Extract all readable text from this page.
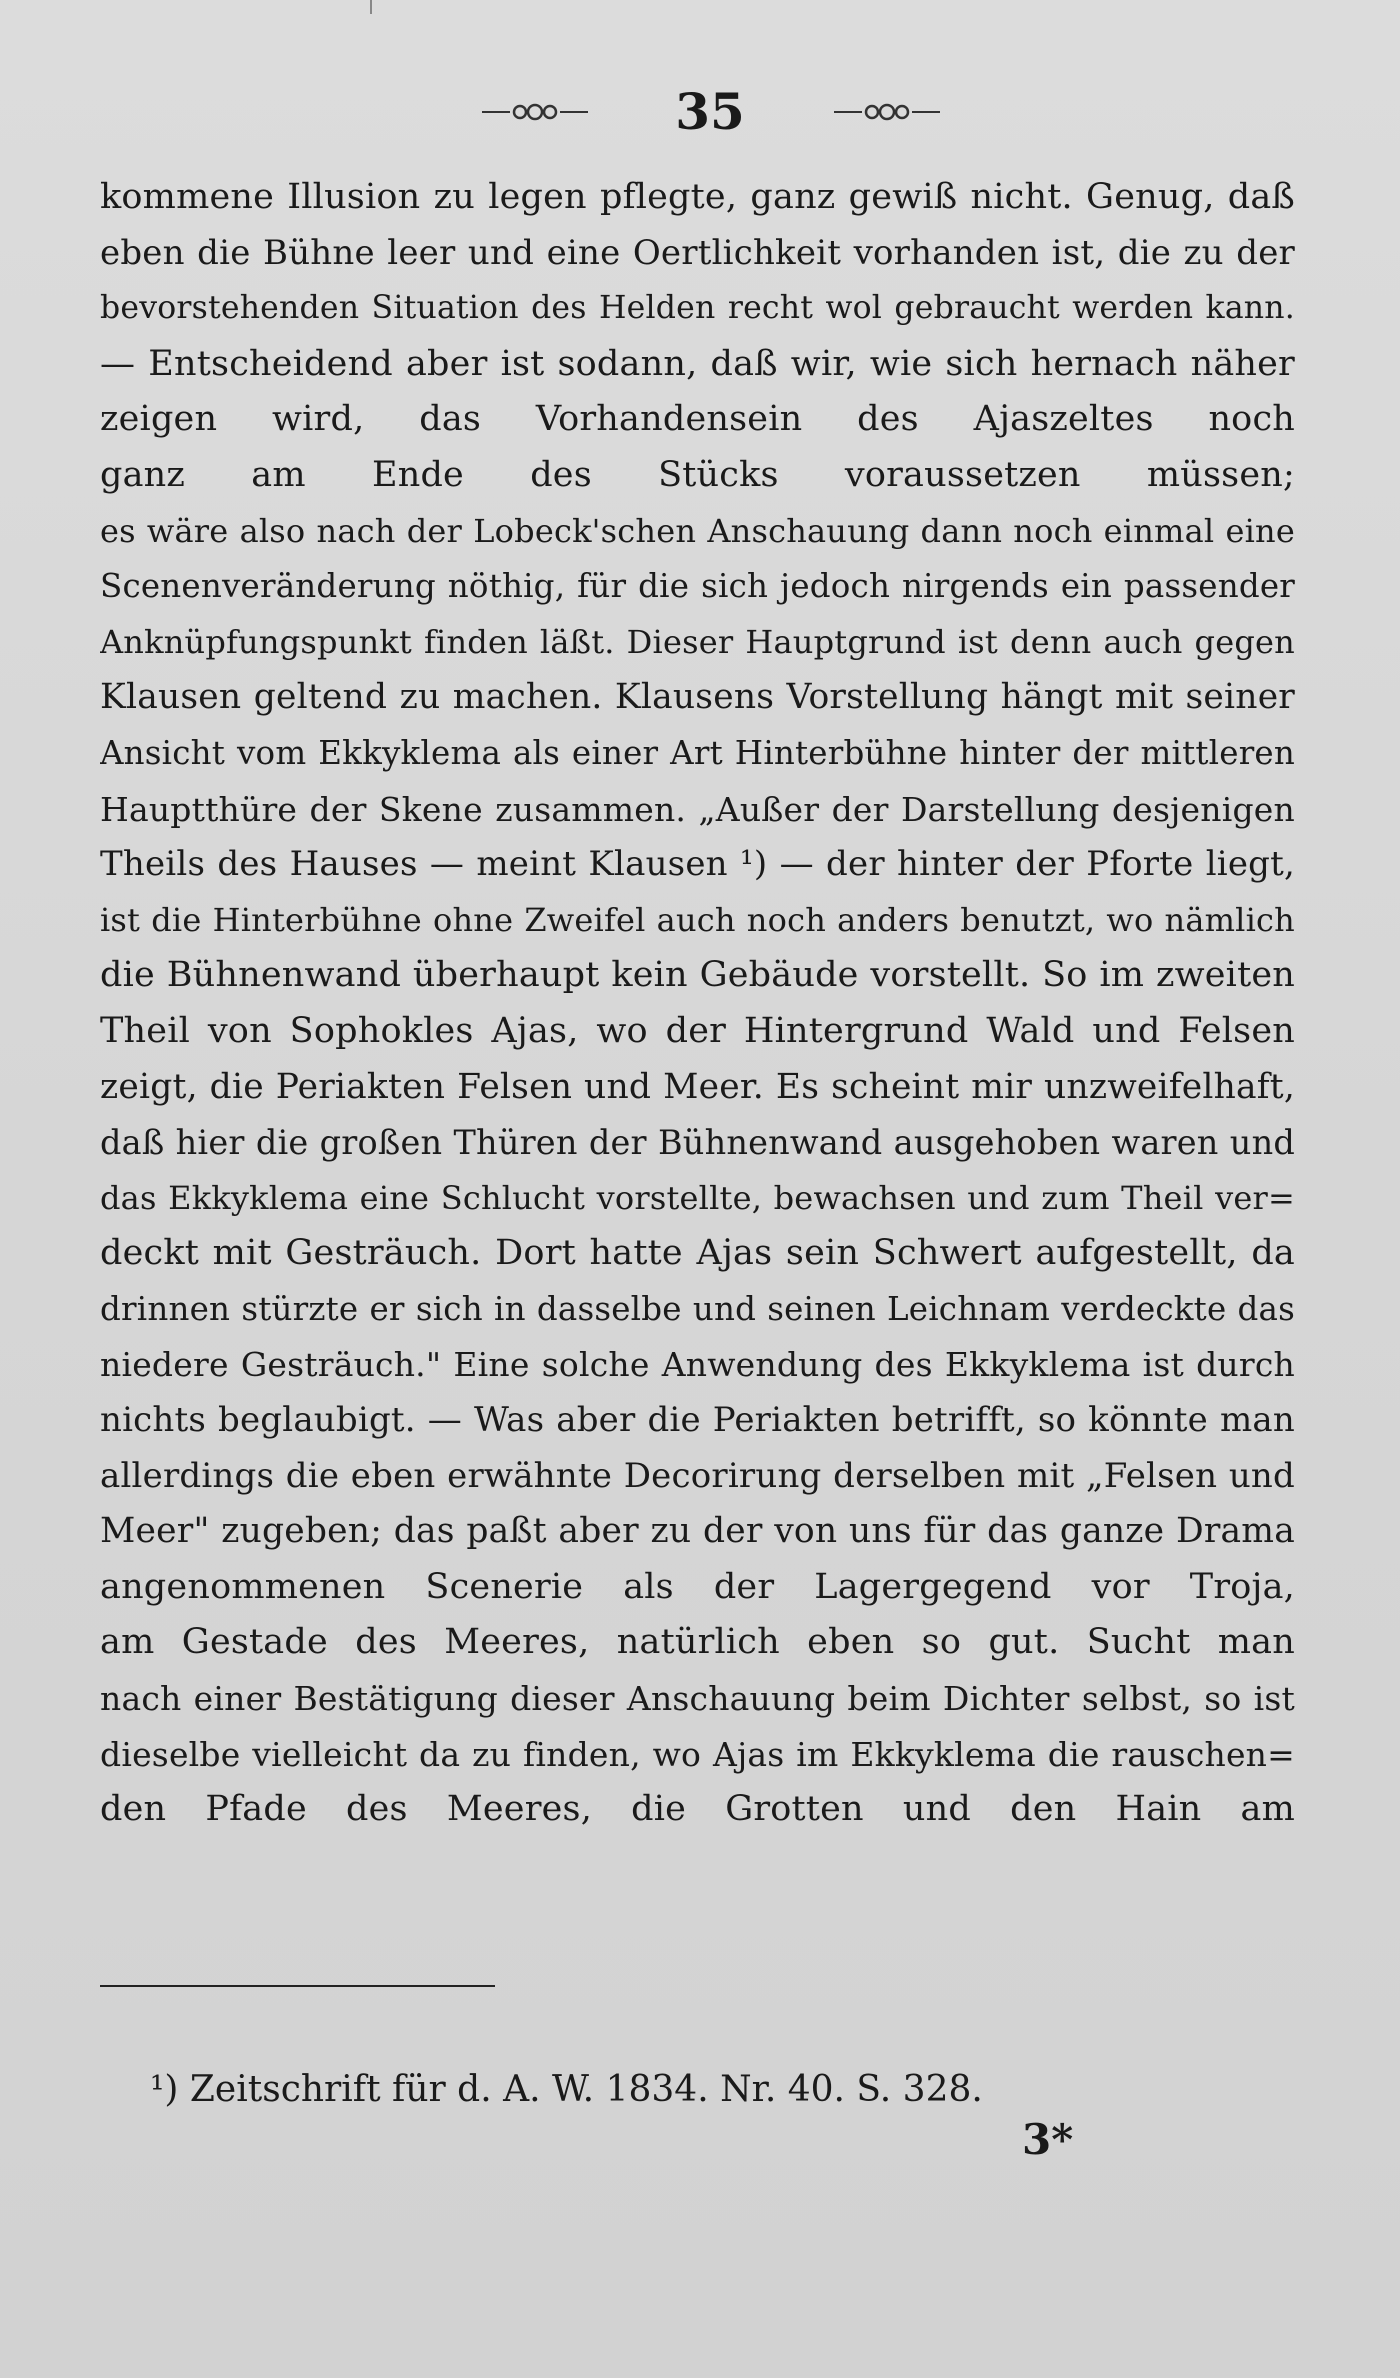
35
kommene Illusion zu legen pflegte, ganz gewiß nicht. Genug, daß
eben die Bühne leer und eine Oertlichkeit vorhanden ist, die zu der
bevorstehenden Situation des Helden recht wol gebraucht werden kann.
— Entscheidend aber ist sodann, daß wir, wie sich hernach näher
zeigen wird, das Vorhandensein des Ajaszeltes noch
ganz am Ende des Stücks voraussetzen müssen;
es wäre also nach der Lobeck'schen Anschauung dann noch einmal eine
Scenenveränderung nöthig, für die sich jedoch nirgends ein passender
Anknüpfungspunkt finden läßt. Dieser Hauptgrund ist denn auch gegen
Klausen geltend zu machen. Klausens Vorstellung hängt mit seiner
Ansicht vom Ekkyklema als einer Art Hinterbühne hinter der mittleren
Hauptthüre der Skene zusammen. „Außer der Darstellung desjenigen
Theils des Hauses — meint Klausen ¹) — der hinter der Pforte liegt,
ist die Hinterbühne ohne Zweifel auch noch anders benutzt, wo nämlich
die Bühnenwand überhaupt kein Gebäude vorstellt. So im zweiten
Theil von Sophokles Ajas, wo der Hintergrund Wald und Felsen
zeigt, die Periakten Felsen und Meer. Es scheint mir unzweifelhaft,
daß hier die großen Thüren der Bühnenwand ausgehoben waren und
das Ekkyklema eine Schlucht vorstellte, bewachsen und zum Theil ver=
deckt mit Gesträuch. Dort hatte Ajas sein Schwert aufgestellt, da
drinnen stürzte er sich in dasselbe und seinen Leichnam verdeckte das
niedere Gesträuch." Eine solche Anwendung des Ekkyklema ist durch
nichts beglaubigt. — Was aber die Periakten betrifft, so könnte man
allerdings die eben erwähnte Decorirung derselben mit „Felsen und
Meer" zugeben; das paßt aber zu der von uns für das ganze Drama
angenommenen Scenerie als der Lagergegend vor Troja,
am Gestade des Meeres, natürlich eben so gut. Sucht man
nach einer Bestätigung dieser Anschauung beim Dichter selbst, so ist
dieselbe vielleicht da zu finden, wo Ajas im Ekkyklema die rauschen=
den Pfade des Meeres, die Grotten und den Hain am
¹) Zeitschrift für d. A. W. 1834. Nr. 40. S. 328.
3*
